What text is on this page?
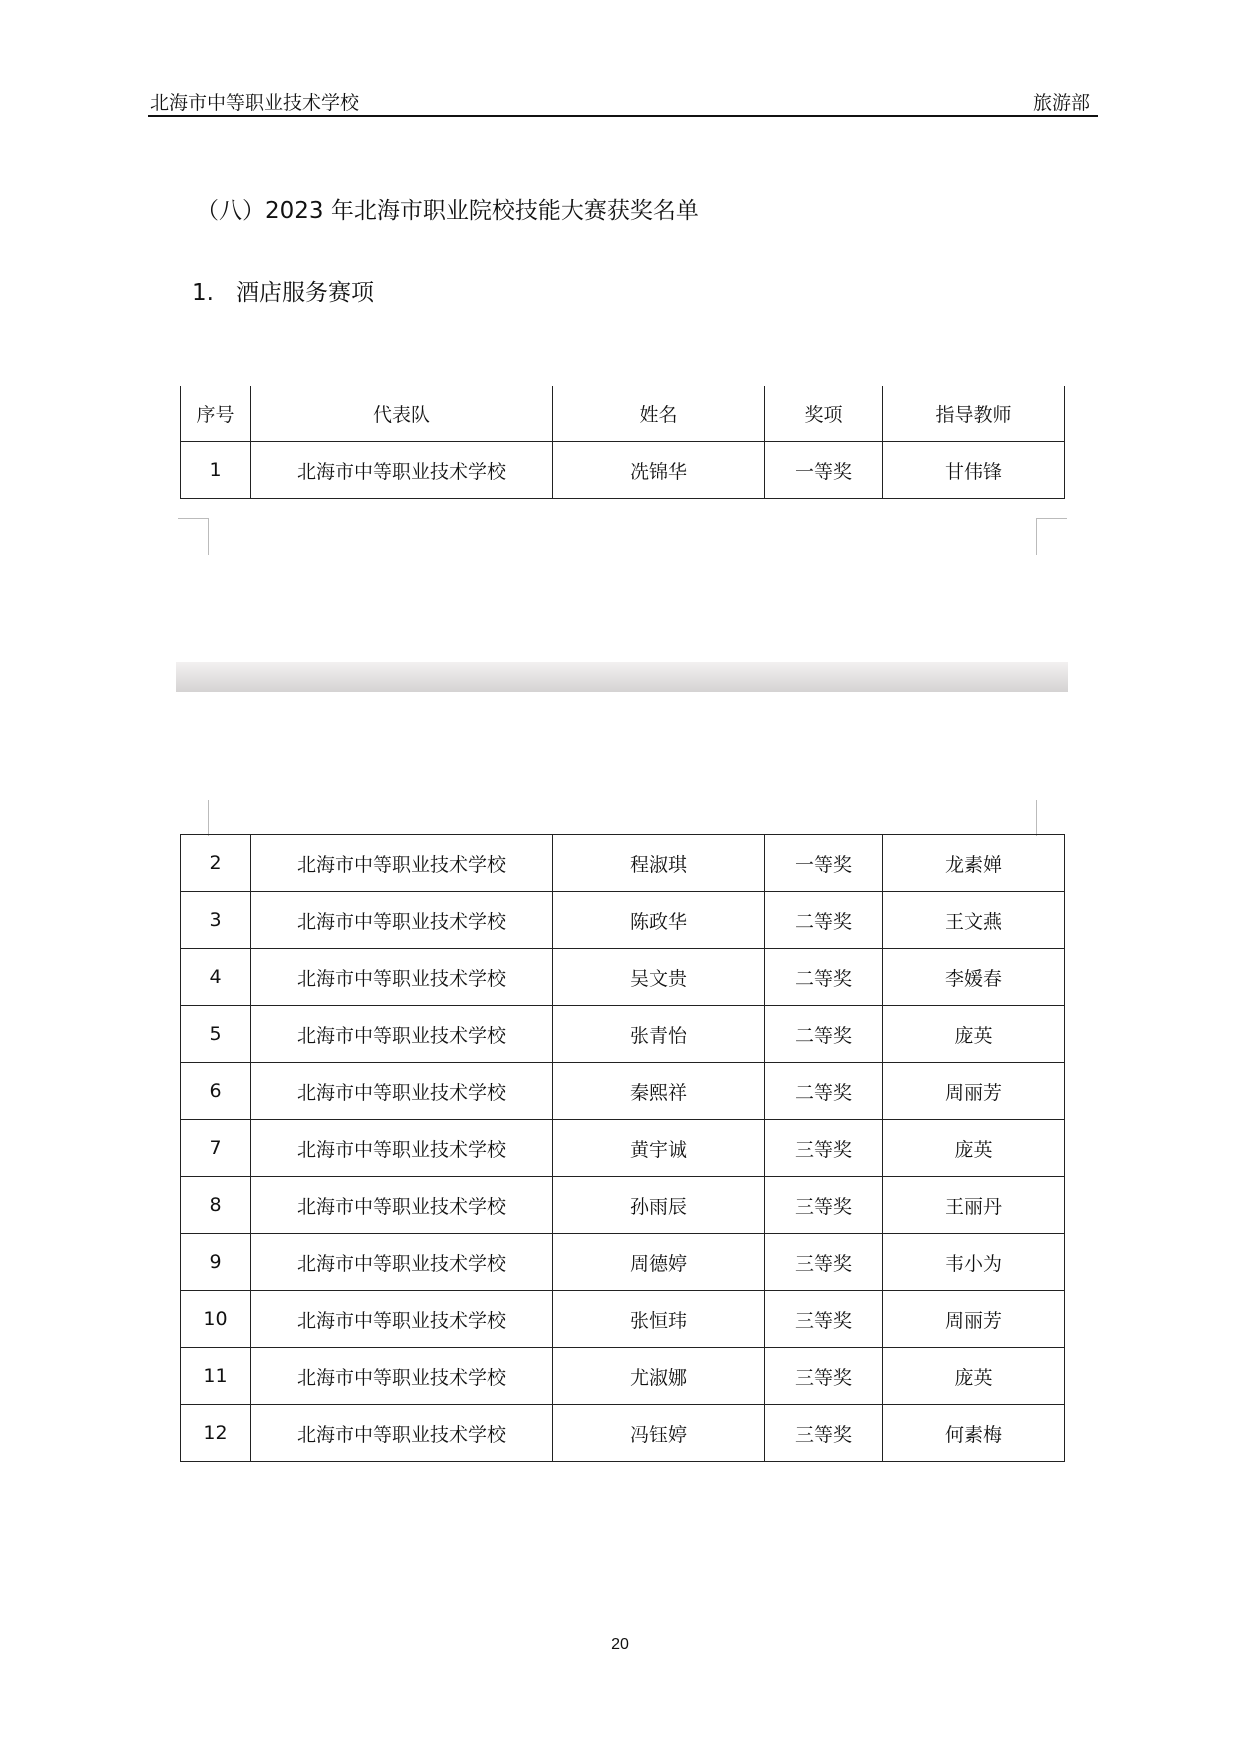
北海市中等职业技术学校	旅游部
（八）2023 年北海市职业院校技能大赛获奖名单
1. 酒店服务赛项
序号	代表队	姓名	奖项	指导教师
1	北海市中等职业技术学校	冼锦华	一等奖	甘伟锋
2	北海市中等职业技术学校	程淑琪	一等奖	龙素婵
3	北海市中等职业技术学校	陈政华	二等奖	王文燕
4	北海市中等职业技术学校	吴文贵	二等奖	李媛春
5	北海市中等职业技术学校	张青怡	二等奖	庞英
6	北海市中等职业技术学校	秦熙祥	二等奖	周丽芳
7	北海市中等职业技术学校	黄宇诚	三等奖	庞英
8	北海市中等职业技术学校	孙雨辰	三等奖	王丽丹
9	北海市中等职业技术学校	周德婷	三等奖	韦小为
10	北海市中等职业技术学校	张恒玮	三等奖	周丽芳
11	北海市中等职业技术学校	尤淑娜	三等奖	庞英
12	北海市中等职业技术学校	冯钰婷	三等奖	何素梅
20
